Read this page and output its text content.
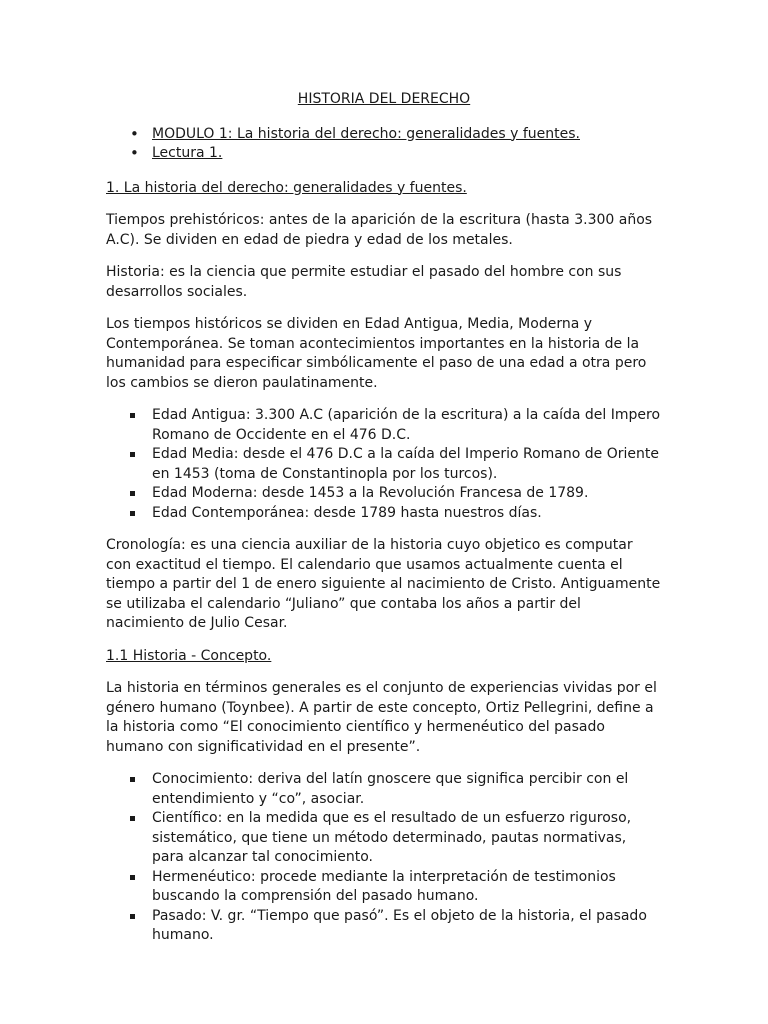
HISTORIA DEL DERECHO
• MODULO 1: La historia del derecho: generalidades y fuentes.
• Lectura 1.
1. La historia del derecho: generalidades y fuentes.

Tiempos prehistóricos: antes de la aparición de la escritura (hasta 3.300 años A.C). Se dividen en edad de piedra y edad de los metales.

Historia: es la ciencia que permite estudiar el pasado del hombre con sus desarrollos sociales.

Los tiempos históricos se dividen en Edad Antigua, Media, Moderna y Contemporánea. Se toman acontecimientos importantes en la historia de la humanidad para especificar simbólicamente el paso de una edad a otra pero los cambios se dieron paulatinamente.

Edad Antigua: 3.300 A.C (aparición de la escritura) a la caída del Impero Romano de Occidente en el 476 D.C.
Edad Media: desde el 476 D.C a la caída del Imperio Romano de Oriente en 1453 (toma de Constantinopla por los turcos).
Edad Moderna: desde 1453 a la Revolución Francesa de 1789.
Edad Contemporánea: desde 1789 hasta nuestros días.

Cronología: es una ciencia auxiliar de la historia cuyo objetico es computar con exactitud el tiempo. El calendario que usamos actualmente cuenta el tiempo a partir del 1 de enero siguiente al nacimiento de Cristo. Antiguamente se utilizaba el calendario “Juliano” que contaba los años a partir del nacimiento de Julio Cesar.

1.1 Historia - Concepto.

La historia en términos generales es el conjunto de experiencias vividas por el género humano (Toynbee). A partir de este concepto, Ortiz Pellegrini, define a la historia como “El conocimiento científico y hermenéutico del pasado humano con significatividad en el presente”.

Conocimiento: deriva del latín gnoscere que significa percibir con el entendimiento y “co”, asociar.
Científico: en la medida que es el resultado de un esfuerzo riguroso, sistemático, que tiene un método determinado, pautas normativas, para alcanzar tal conocimiento.
Hermenéutico: procede mediante la interpretación de testimonios buscando la comprensión del pasado humano.
Pasado: V. gr. “Tiempo que pasó”. Es el objeto de la historia, el pasado humano.
